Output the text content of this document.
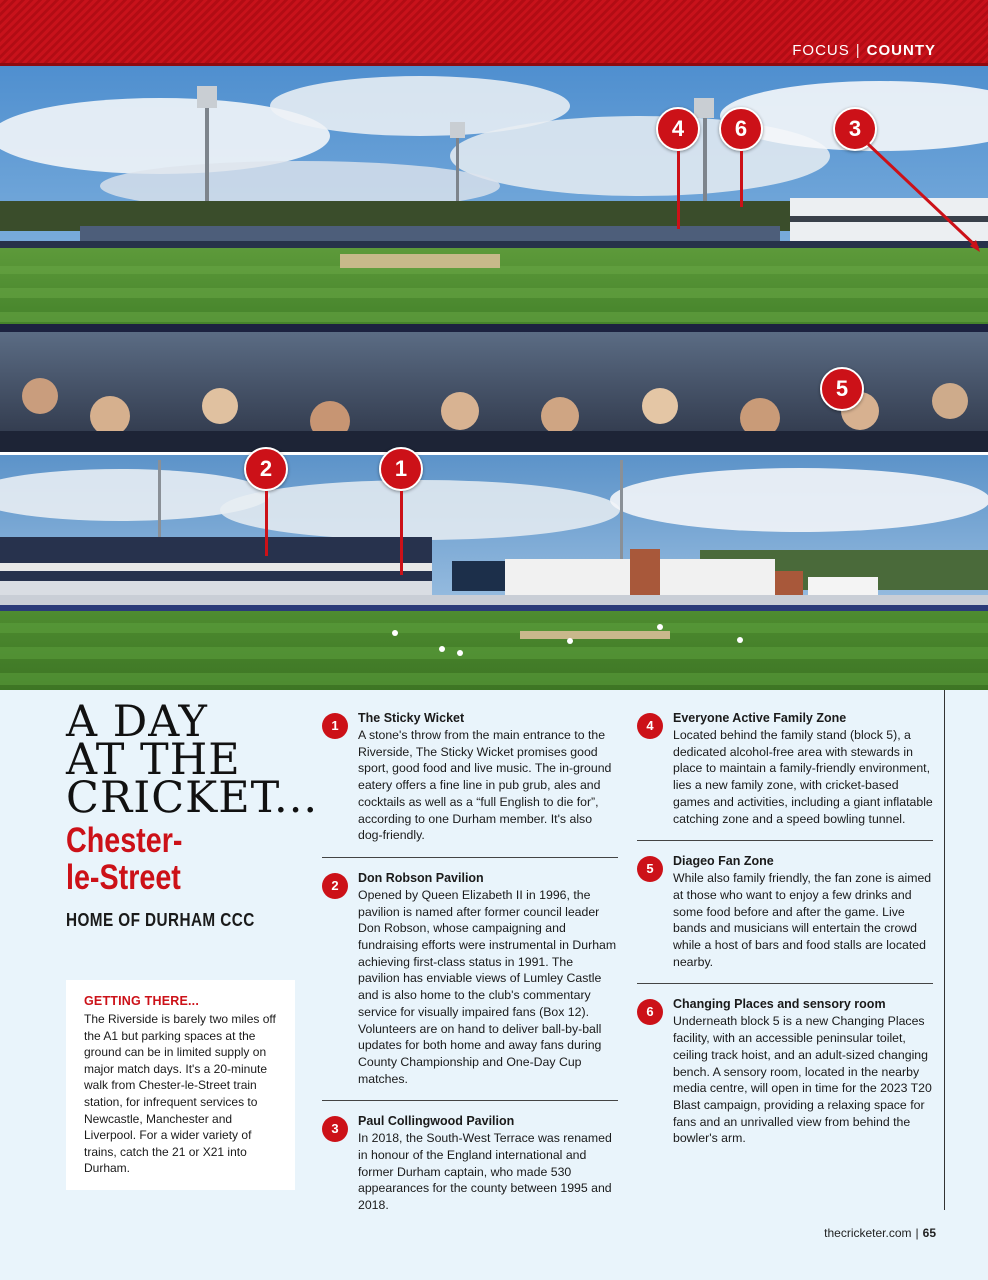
FOCUS | COUNTY
4	6	3
5
2	1
A DAY
AT THE
CRICKET...
Chester-
le-Street
HOME OF DURHAM CCC
GETTING THERE...
The Riverside is barely two miles off the A1 but parking spaces at the ground can be in limited supply on major match days. It's a 20-minute walk from Chester-le-Street train station, for infrequent services to Newcastle, Manchester and Liverpool. For a wider variety of trains, catch the 21 or X21 into Durham.
1	The Sticky Wicket
A stone's throw from the main entrance to the Riverside, The Sticky Wicket promises good sport, good food and live music. The in-ground eatery offers a fine line in pub grub, ales and cocktails as well as a “full English to die for”, according to one Durham member. It's also dog-friendly.
2	Don Robson Pavilion
Opened by Queen Elizabeth II in 1996, the pavilion is named after former council leader Don Robson, whose campaigning and fundraising efforts were instrumental in Durham achieving first-class status in 1991. The pavilion has enviable views of Lumley Castle and is also home to the club's commentary service for visually impaired fans (Box 12). Volunteers are on hand to deliver ball-by-ball updates for both home and away fans during County Championship and One-Day Cup matches.
3	Paul Collingwood Pavilion
In 2018, the South-West Terrace was renamed in honour of the England international and former Durham captain, who made 530 appearances for the county between 1995 and 2018.
4	Everyone Active Family Zone
Located behind the family stand (block 5), a dedicated alcohol-free area with stewards in place to maintain a family-friendly environment, lies a new family zone, with cricket-based games and activities, including a giant inflatable catching zone and a speed bowling tunnel.
5	Diageo Fan Zone
While also family friendly, the fan zone is aimed at those who want to enjoy a few drinks and some food before and after the game. Live bands and musicians will entertain the crowd while a host of bars and food stalls are located nearby.
6	Changing Places and sensory room
Underneath block 5 is a new Changing Places facility, with an accessible peninsular toilet, ceiling track hoist, and an adult-sized changing bench. A sensory room, located in the nearby media centre, will open in time for the 2023 T20 Blast campaign, providing a relaxing space for fans and an unrivalled view from behind the bowler's arm.
thecricketer.com | 65
